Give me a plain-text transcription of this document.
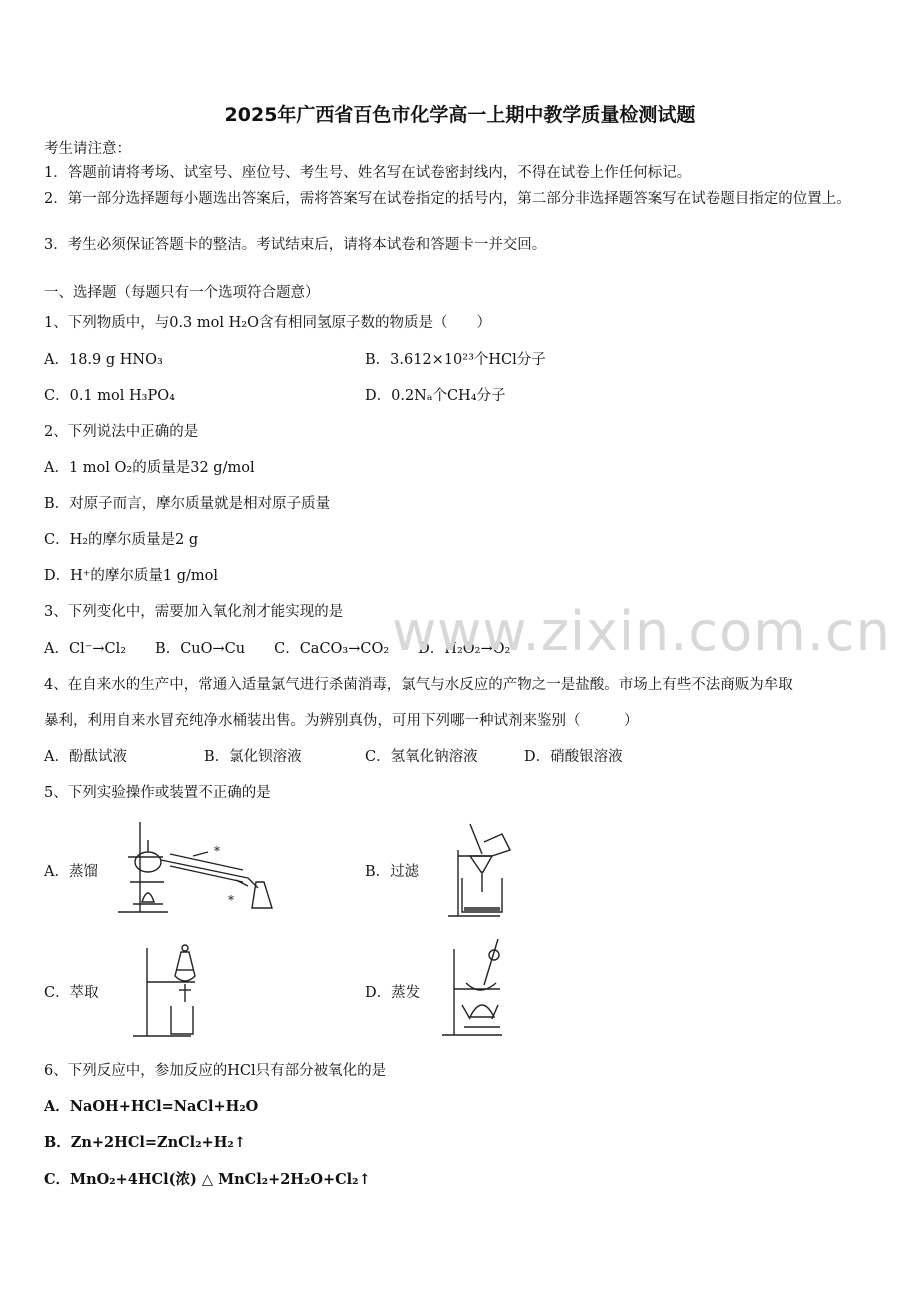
2025年广西省百色市化学高一上期中教学质量检测试题
考生请注意：
1．答题前请将考场、试室号、座位号、考生号、姓名写在试卷密封线内，不得在试卷上作任何标记。
2．第一部分选择题每小题选出答案后，需将答案写在试卷指定的括号内，第二部分非选择题答案写在试卷题目指定的位置上。
3．考生必须保证答题卡的整洁。考试结束后，请将本试卷和答题卡一并交回。
一、选择题（每题只有一个选项符合题意）
1、下列物质中，与0.3 mol H₂O含有相同氢原子数的物质是（　　）
A．18.9 g HNO₃	B．3.612×10²³个HCl分子
C．0.1 mol H₃PO₄	D．0.2Nₐ个CH₄分子
2、下列说法中正确的是
A．1 mol O₂的质量是32 g/mol
B．对原子而言，摩尔质量就是相对原子质量
C．H₂的摩尔质量是2 g
D．H⁺的摩尔质量1 g/mol
3、下列变化中，需要加入氧化剂才能实现的是
A．Cl⁻→Cl₂　　B．CuO→Cu　　C．CaCO₃→CO₂　　D．H₂O₂→O₂
4、在自来水的生产中，常通入适量氯气进行杀菌消毒，氯气与水反应的产物之一是盐酸。市场上有些不法商贩为牟取
暴利，利用自来水冒充纯净水桶装出售。为辨别真伪，可用下列哪一种试剂来鉴别（　　　）
A．酚酞试液	B．氯化钡溶液	C．氢氧化钠溶液	D．硝酸银溶液
5、下列实验操作或装置不正确的是
A．蒸馏	B．过滤
C．萃取	D．蒸发
*
*
6、下列反应中，参加反应的HCl只有部分被氧化的是
A．NaOH+HCl=NaCl+H₂O
B．Zn+2HCl=ZnCl₂+H₂↑
C．MnO₂+4HCl(浓) △ MnCl₂+2H₂O+Cl₂↑
www.zixin.com.cn
